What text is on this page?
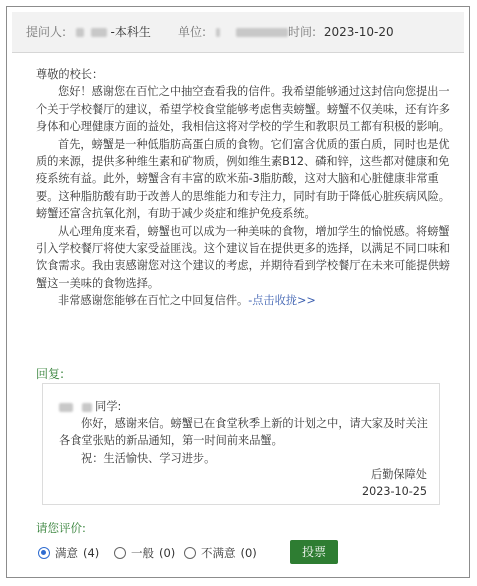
提问人:	-本科生 单位:	时间: 2023-10-20

尊敬的校长：

您好！感谢您在百忙之中抽空查看我的信件。我希望能够通过这封信向您提出一个关于学校餐厅的建议，希望学校食堂能够考虑售卖螃蟹。螃蟹不仅美味，还有许多身体和心理健康方面的益处，我相信这将对学校的学生和教职员工都有积极的影响。

首先，螃蟹是一种低脂肪高蛋白质的食物。它们富含优质的蛋白质，同时也是优质的来源，提供多种维生素和矿物质，例如维生素B12、磷和锌，这些都对健康和免疫系统有益。此外，螃蟹含有丰富的欧米茄-3脂肪酸，这对大脑和心脏健康非常重要。这种脂肪酸有助于改善人的思维能力和专注力，同时有助于降低心脏疾病风险。螃蟹还富含抗氧化剂，有助于减少炎症和维护免疫系统。

从心理角度来看，螃蟹也可以成为一种美味的食物，增加学生的愉悦感。将螃蟹引入学校餐厅将使大家受益匪浅。这个建议旨在提供更多的选择，以满足不同口味和饮食需求。我由衷感谢您对这个建议的考虑，并期待看到学校餐厅在未来可能提供螃蟹这一美味的食物选择。

非常感谢您能够在百忙之中回复信件。-点击收拢>>

回复:
同学:
你好，感谢来信。螃蟹已在食堂秋季上新的计划之中，请大家及时关注各食堂张贴的新品通知，第一时间前来品蟹。
祝：生活愉快、学习进步。
后勤保障处
2023-10-25
请您评价:
满意 (4)	一般 (0) 不满意 (0)	投票
